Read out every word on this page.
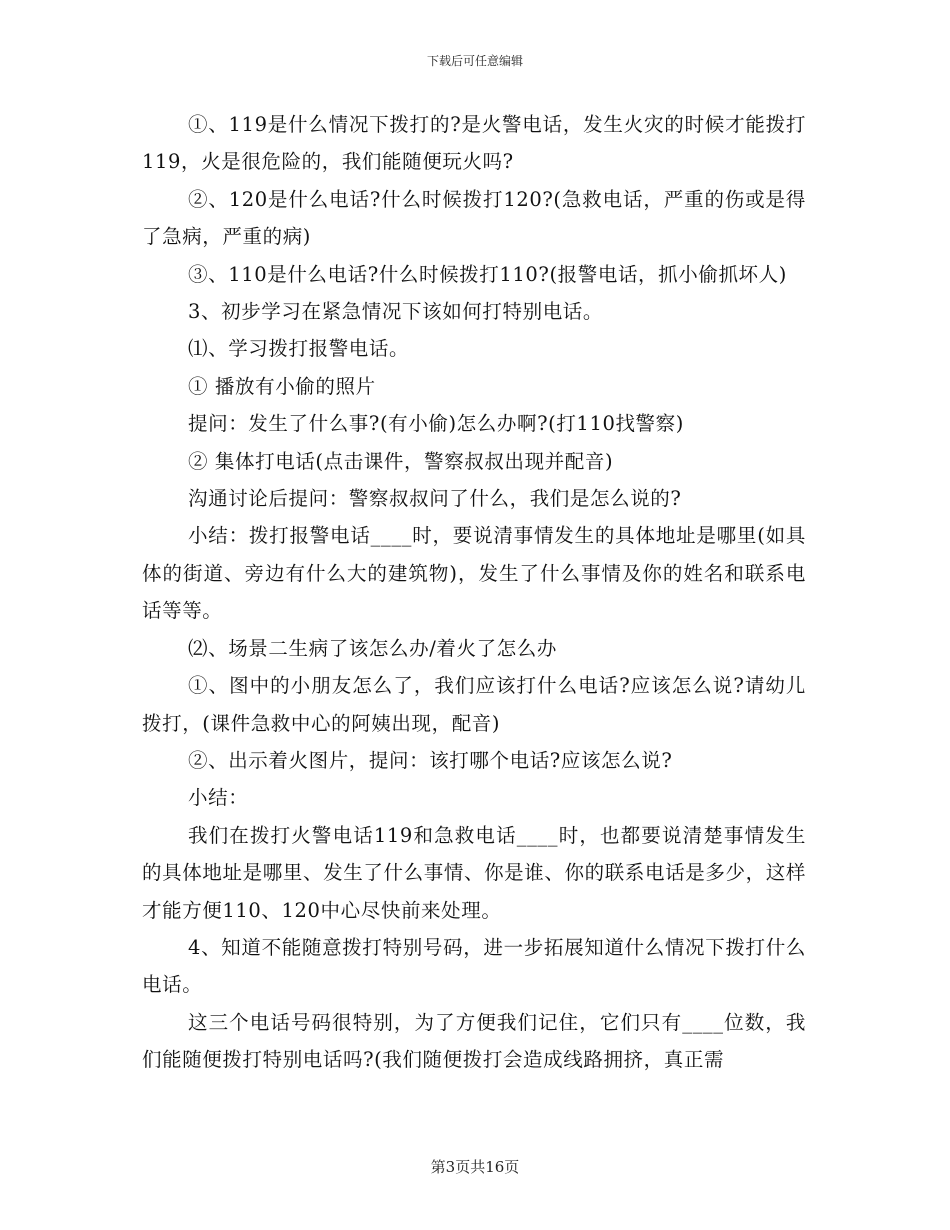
下载后可任意编辑

①、119是什么情况下拨打的?是火警电话，发生火灾的时候才能拨打119，火是很危险的，我们能随便玩火吗?

②、120是什么电话?什么时候拨打120?(急救电话，严重的伤或是得了急病，严重的病)

③、110是什么电话?什么时候拨打110?(报警电话，抓小偷抓坏人)

3、初步学习在紧急情况下该如何打特别电话。

⑴、学习拨打报警电话。

① 播放有小偷的照片

提问：发生了什么事?(有小偷)怎么办啊?(打110找警察)

② 集体打电话(点击课件，警察叔叔出现并配音)

沟通讨论后提问：警察叔叔问了什么，我们是怎么说的?

小结：拨打报警电话____时，要说清事情发生的具体地址是哪里(如具体的街道、旁边有什么大的建筑物)，发生了什么事情及你的姓名和联系电话等等。

⑵、场景二生病了该怎么办/着火了怎么办

①、图中的小朋友怎么了，我们应该打什么电话?应该怎么说?请幼儿拨打，(课件急救中心的阿姨出现，配音)

②、出示着火图片，提问：该打哪个电话?应该怎么说?

小结：

我们在拨打火警电话119和急救电话____时，也都要说清楚事情发生的具体地址是哪里、发生了什么事情、你是谁、你的联系电话是多少，这样才能方便110、120中心尽快前来处理。

4、知道不能随意拨打特别号码，进一步拓展知道什么情况下拨打什么电话。

这三个电话号码很特别，为了方便我们记住，它们只有____位数，我们能随便拨打特别电话吗?(我们随便拨打会造成线路拥挤，真正需

第3页共16页
